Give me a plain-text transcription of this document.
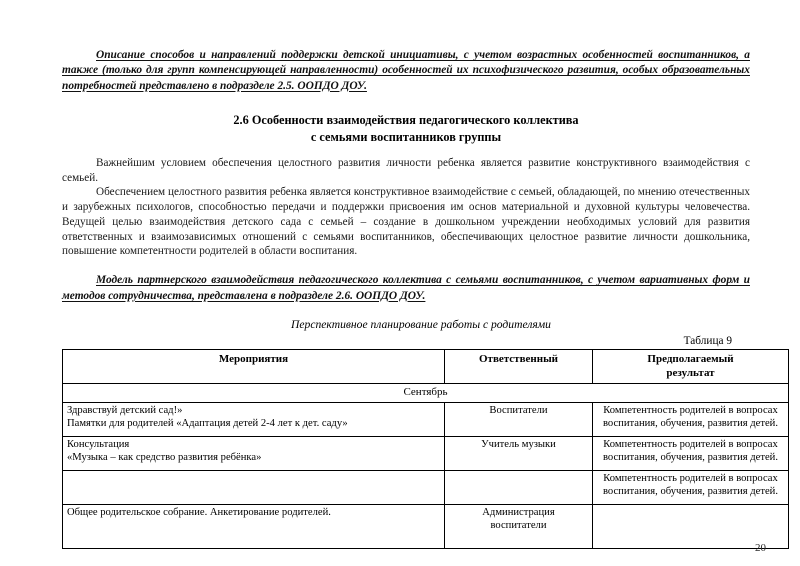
Описание способов и направлений поддержки детской инициативы, с учетом возрастных особенностей воспитанников, а также (только для групп компенсирующей направленности) особенностей их психофизического развития, особых образовательных потребностей представлено в подразделе 2.5. ООПДО ДОУ.

2.6 Особенности взаимодействия педагогического коллектива
с семьями воспитанников группы

Важнейшим условием обеспечения целостного развития личности ребенка является развитие конструктивного взаимодействия с семьей.

Обеспечением целостного развития ребенка является конструктивное взаимодействие с семьей, обладающей, по мнению отечественных и зарубежных психологов, способностью передачи и поддержки присвоения им основ материальной и духовной культуры человечества. Ведущей целью взаимодействия детского сада с семьей – создание в дошкольном учреждении необходимых условий для развития ответственных и взаимозависимых отношений с семьями воспитанников, обеспечивающих целостное развитие личности дошкольника, повышение компетентности родителей в области воспитания.

Модель партнерского взаимодействия педагогического коллектива с семьями воспитанников, с учетом вариативных форм и методов сотрудничества, представлена в подразделе 2.6. ООПДО ДОУ.

Перспективное планирование работы с родителями

Таблица 9

Мероприятия	Ответственный	Предполагаемый
результат

Сентябрь		

Здравствуй детский сад!»
Памятки для родителей «Адаптация детей 2-4 лет к дет. саду»	Воспитатели	Компетентность родителей в вопросах
воспитания, обучения, развития детей.

Консультация
«Музыка – как средство развития ребёнка»	Учитель музыки	Компетентность родителей в вопросах
воспитания, обучения, развития детей.

		Компетентность родителей в вопросах
воспитания, обучения, развития детей.

Общее родительское собрание. Анкетирование родителей.	Администрация
воспитатели	

20
